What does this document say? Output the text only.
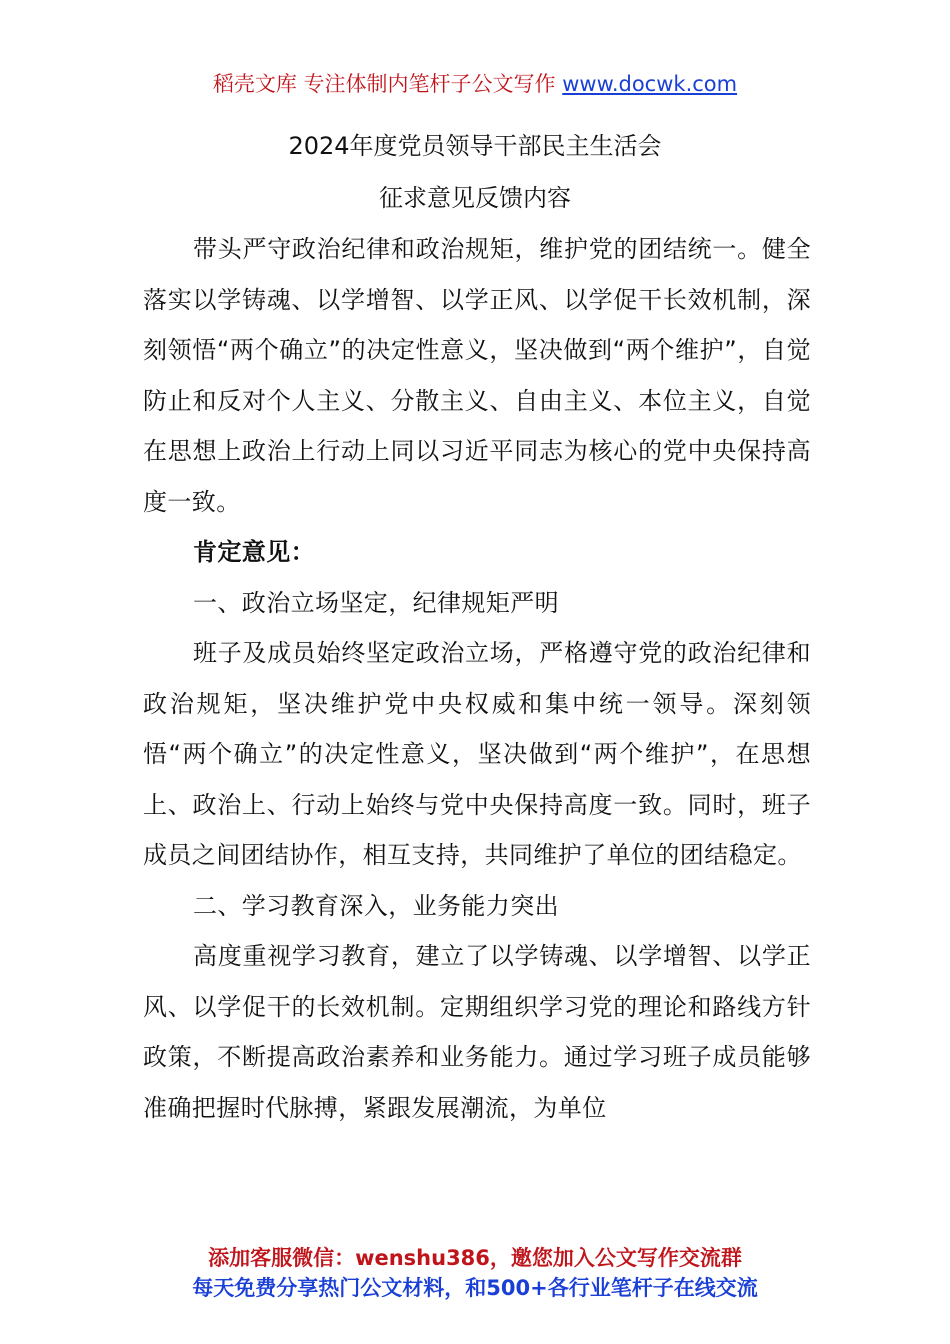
稻壳文库 专注体制内笔杆子公文写作 www.docwk.com
2024年度党员领导干部民主生活会
征求意见反馈内容

带头严守政治纪律和政治规矩，维护党的团结统一。健全落实以学铸魂、以学增智、以学正风、以学促干长效机制，深刻领悟“两个确立”的决定性意义，坚决做到“两个维护”，自觉防止和反对个人主义、分散主义、自由主义、本位主义，自觉在思想上政治上行动上同以习近平同志为核心的党中央保持高度一致。

肯定意见：

一、政治立场坚定，纪律规矩严明

班子及成员始终坚定政治立场，严格遵守党的政治纪律和政治规矩，坚决维护党中央权威和集中统一领导。深刻领悟“两个确立”的决定性意义，坚决做到“两个维护”，在思想上、政治上、行动上始终与党中央保持高度一致。同时，班子成员之间团结协作，相互支持，共同维护了单位的团结稳定。

二、学习教育深入，业务能力突出

高度重视学习教育，建立了以学铸魂、以学增智、以学正风、以学促干的长效机制。定期组织学习党的理论和路线方针政策，不断提高政治素养和业务能力。通过学习班子成员能够准确把握时代脉搏，紧跟发展潮流，为单位

添加客服微信：wenshu386，邀您加入公文写作交流群
每天免费分享热门公文材料，和500+各行业笔杆子在线交流
